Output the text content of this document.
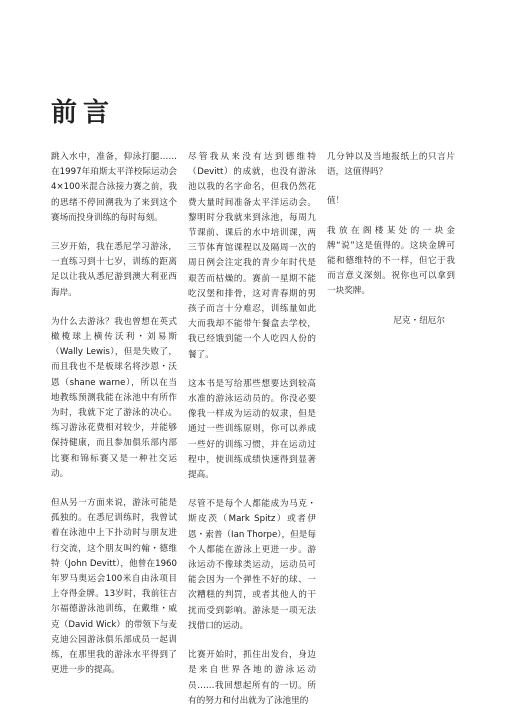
前言

跳入水中，准备，仰泳打腿……在1997年珀斯太平洋校际运动会4×100米混合泳接力赛之前，我的思绪不停回溯我为了来到这个赛场而投身训练的每时每刻。

三岁开始，我在悉尼学习游泳，一直练习到十七岁，训练的距离足以让我从悉尼游到澳大利亚西海岸。

为什么去游泳？我也曾想在英式橄榄球上横传沃利・刘易斯（Wally Lewis），但是失败了，而且我也不是板球名将沙恩・沃恩（shane warne），所以在当地教练预测我能在泳池中有所作为时，我就下定了游泳的决心。练习游泳花费相对较少，并能够保持健康，而且参加俱乐部内部比赛和锦标赛又是一种社交运动。

但从另一方面来说，游泳可能是孤独的。在悉尼训练时，我曾试着在泳池中上下扑动时与朋友进行交流，这个朋友叫约翰・德维特（John Devitt），他曾在1960年罗马奥运会100米自由泳项目上夺得金牌。13岁时，我前往吉尔福德游泳池训练，在戴维・威克（David Wick）的带领下与麦克迪公园游泳俱乐部成员一起训练，在那里我的游泳水平得到了更进一步的提高。

尽管我从来没有达到德维特（Devitt）的成就，也没有游泳池以我的名字命名，但我仍然花费大量时间准备太平洋运动会。黎明时分我就来到泳池，每周九节课前、课后的水中培训课，两三节体育馆课程以及隔周一次的周日例会注定我的青少年时代是艰苦而枯燥的。赛前一星期不能吃汉堡和排骨，这对青春期的男孩子而言十分难忍，训练量如此大而我却不能带午餐盒去学校，我已经饿到能一个人吃四人份的餐了。

这本书是写给那些想要达到较高水准的游泳运动员的。你没必要像我一样成为运动的奴隶，但是通过一些训练原则，你可以养成一些好的训练习惯，并在运动过程中，使训练成绩快速得到显著提高。

尽管不是每个人都能成为马克・斯皮茨（Mark Spitz）或者伊恩・索普（Ian Thorpe），但是每个人都能在游泳上更进一步。游泳运动不像球类运动，运动员可能会因为一个弹性不好的球、一次糟糕的判罚，或者其他人的干扰而受到影响。游泳是一项无法找借口的运动。

比赛开始时，抓住出发台，身边是来自世界各地的游泳运动员……我回想起所有的一切。所有的努力和付出就为了泳池里的

几分钟以及当地报纸上的只言片语，这值得吗？

值！

我放在阁楼某处的一块金牌“说”这是值得的。这块金牌可能和德维特的不一样，但它于我而言意义深刻。祝你也可以拿到一块奖牌。

尼克・纽厄尔
